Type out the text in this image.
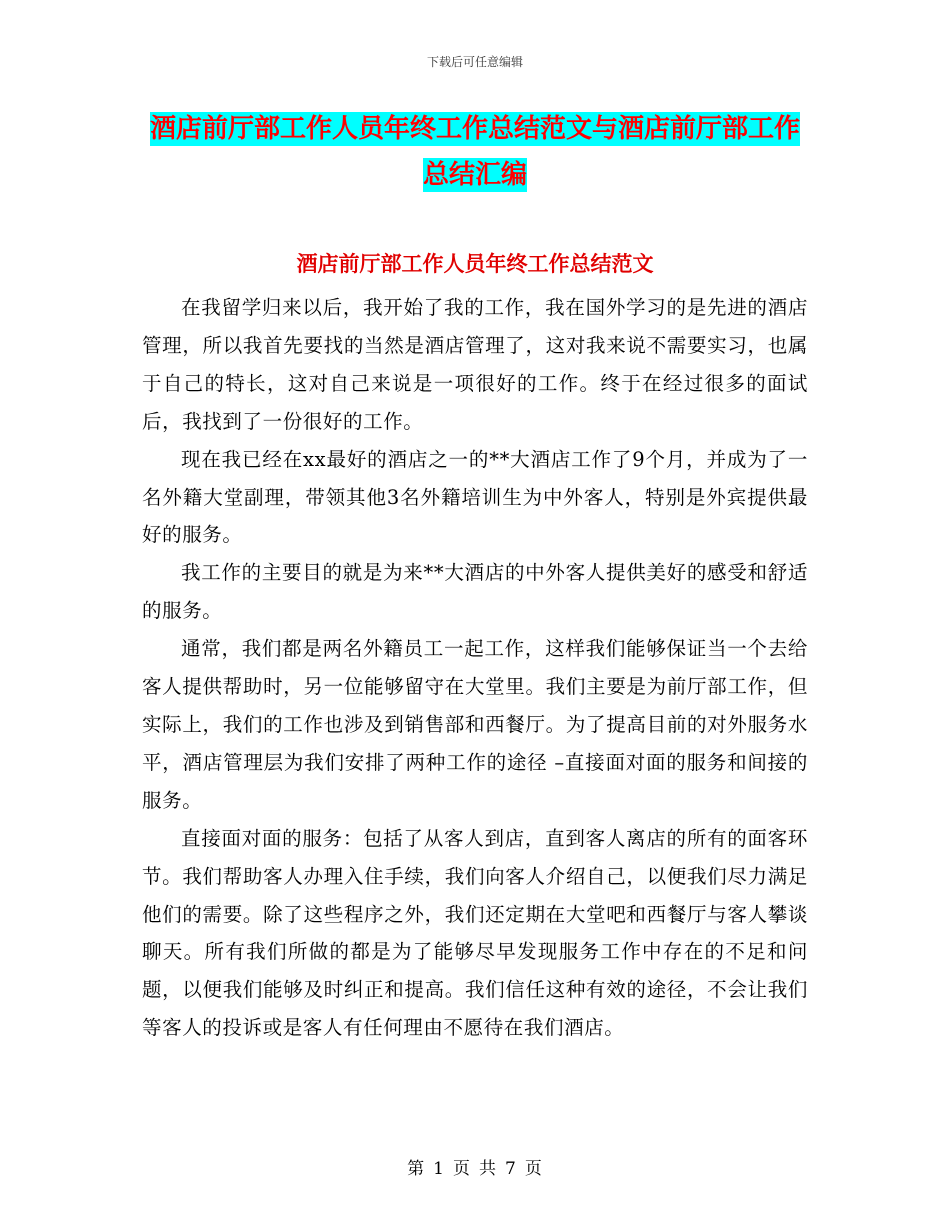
下载后可任意编辑
酒店前厅部工作人员年终工作总结范文与酒店前厅部工作总结汇编
酒店前厅部工作人员年终工作总结范文

在我留学归来以后，我开始了我的工作，我在国外学习的是先进的酒店管理，所以我首先要找的当然是酒店管理了，这对我来说不需要实习，也属于自己的特长，这对自己来说是一项很好的工作。终于在经过很多的面试后，我找到了一份很好的工作。

现在我已经在xx最好的酒店之一的**大酒店工作了9个月，并成为了一名外籍大堂副理，带领其他3名外籍培训生为中外客人，特别是外宾提供最好的服务。

我工作的主要目的就是为来**大酒店的中外客人提供美好的感受和舒适的服务。

通常，我们都是两名外籍员工一起工作，这样我们能够保证当一个去给客人提供帮助时，另一位能够留守在大堂里。我们主要是为前厅部工作，但实际上，我们的工作也涉及到销售部和西餐厅。为了提高目前的对外服务水平，酒店管理层为我们安排了两种工作的途径 –直接面对面的服务和间接的服务。

直接面对面的服务：包括了从客人到店，直到客人离店的所有的面客环节。我们帮助客人办理入住手续，我们向客人介绍自己，以便我们尽力满足他们的需要。除了这些程序之外，我们还定期在大堂吧和西餐厅与客人攀谈聊天。所有我们所做的都是为了能够尽早发现服务工作中存在的不足和问题，以便我们能够及时纠正和提高。我们信任这种有效的途径，不会让我们等客人的投诉或是客人有任何理由不愿待在我们酒店。

第 1 页 共 7 页
